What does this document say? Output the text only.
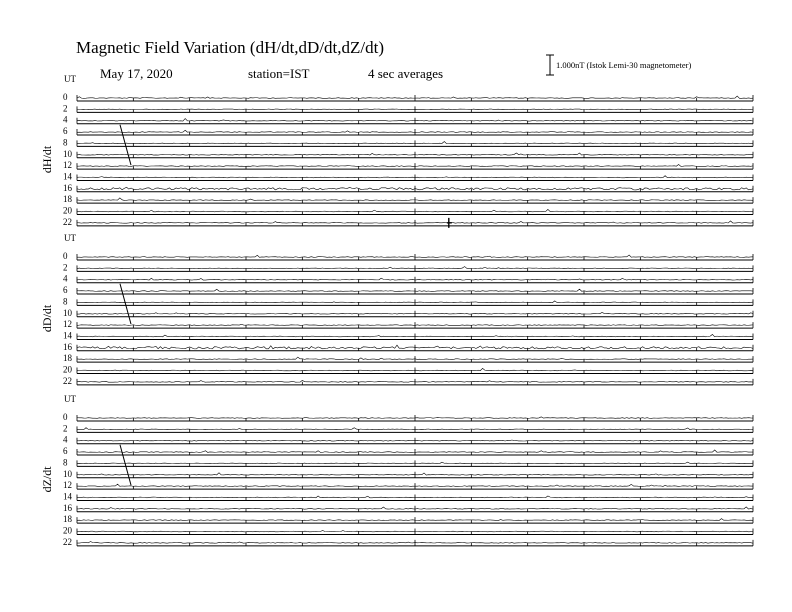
Magnetic Field Variation (dH/dt,dD/dt,dZ/dt)
May 17, 2020	station=IST	4 sec averages
1.000nT (Istok Lemi-30 magnetometer)
UT
dH/dt
0
2
4
6
8
10
12
14
16
18
20
22
UT
dD/dt
0
2
4
6
8
10
12
14
16
18
20
22
UT
dZ/dt
0
2
4
6
8
10
12
14
16
18
20
22
